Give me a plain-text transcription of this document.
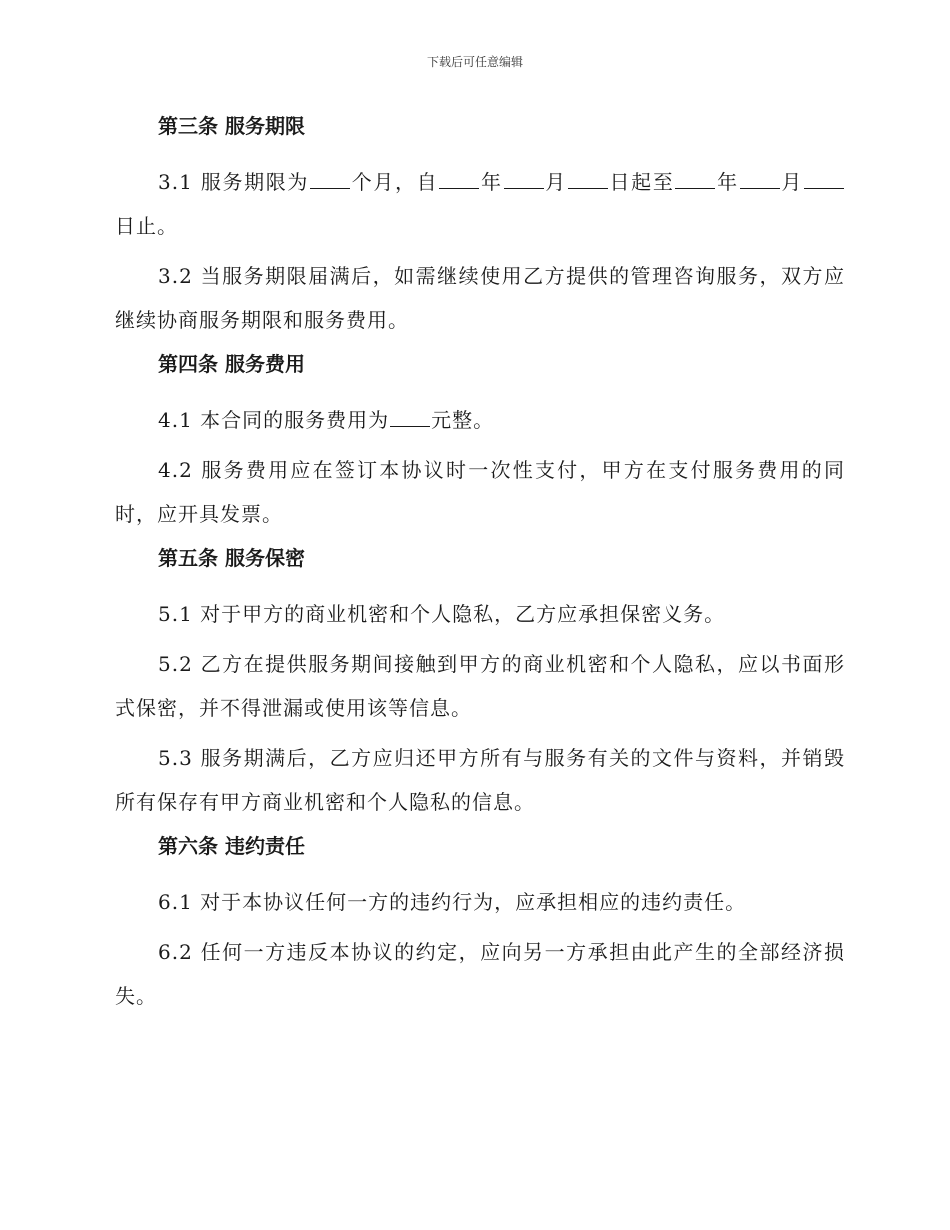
下载后可任意编辑
第三条 服务期限

3.1 服务期限为 个月，自 年 月 日起至 年 月日止。

3.2 当服务期限届满后，如需继续使用乙方提供的管理咨询服务，双方应继续协商服务期限和服务费用。

第四条 服务费用

4.1 本合同的服务费用为 元整。

4.2 服务费用应在签订本协议时一次性支付，甲方在支付服务费用的同时，应开具发票。

第五条 服务保密

5.1 对于甲方的商业机密和个人隐私，乙方应承担保密义务。

5.2 乙方在提供服务期间接触到甲方的商业机密和个人隐私，应以书面形式保密，并不得泄漏或使用该等信息。

5.3 服务期满后，乙方应归还甲方所有与服务有关的文件与资料，并销毁所有保存有甲方商业机密和个人隐私的信息。

第六条 违约责任

6.1 对于本协议任何一方的违约行为，应承担相应的违约责任。

6.2 任何一方违反本协议的约定，应向另一方承担由此产生的全部经济损失。
